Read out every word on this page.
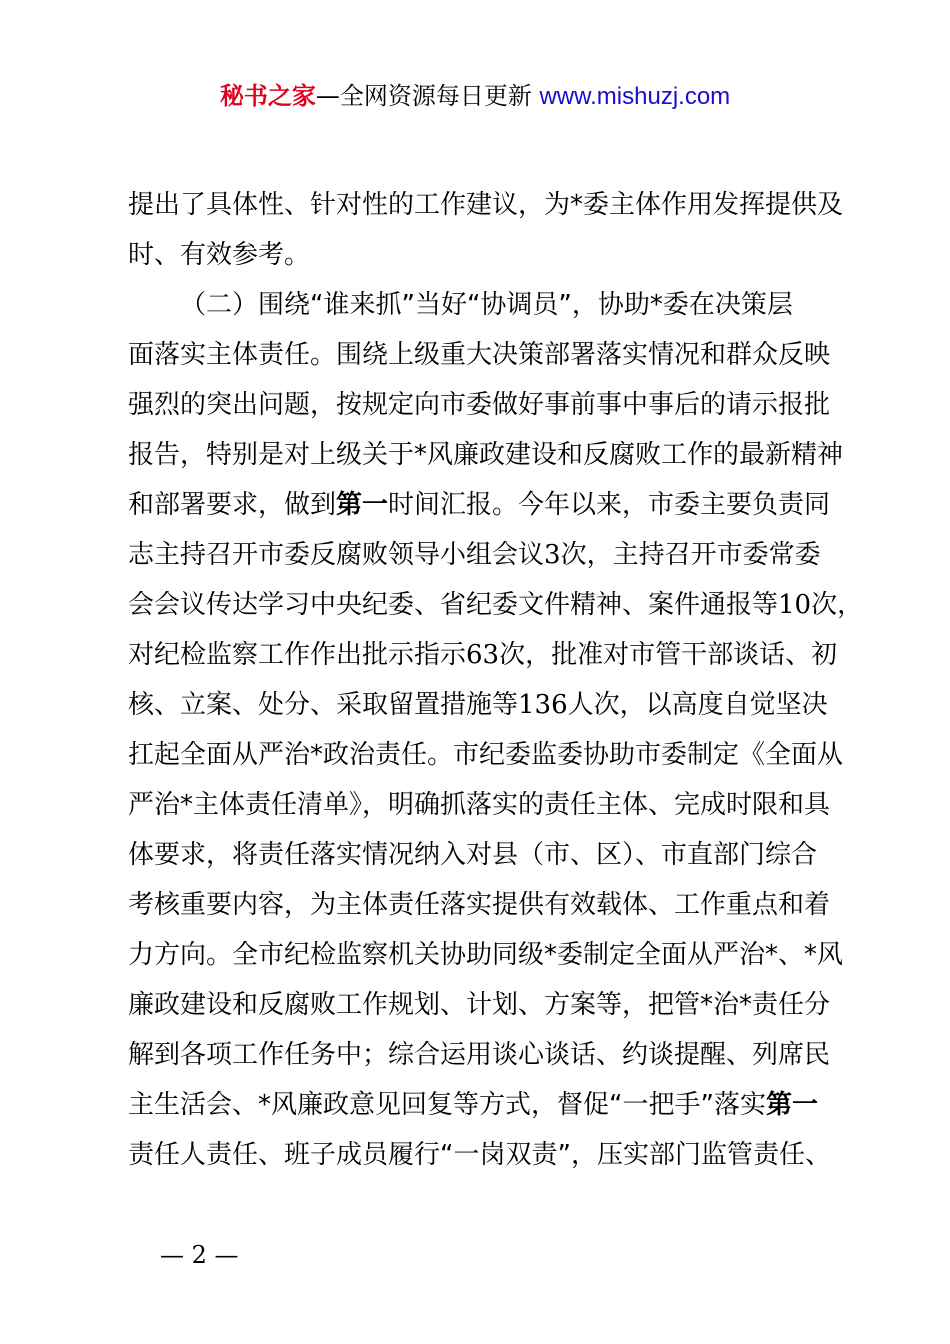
秘书之家—全网资源每日更新 www.mishuzj.com
提出了具体性、针对性的工作建议，为*委主体作用发挥提供及
时、有效参考。
（二）围绕“谁来抓”当好“协调员”，协助*委在决策层
面落实主体责任。围绕上级重大决策部署落实情况和群众反映
强烈的突出问题，按规定向市委做好事前事中事后的请示报批
报告，特别是对上级关于*风廉政建设和反腐败工作的最新精神
和部署要求，做到第一时间汇报。今年以来，市委主要负责同
志主持召开市委反腐败领导小组会议3次，主持召开市委常委
会会议传达学习中央纪委、省纪委文件精神、案件通报等10次，
对纪检监察工作作出批示指示63次，批准对市管干部谈话、初
核、立案、处分、采取留置措施等136人次，以高度自觉坚决
扛起全面从严治*政治责任。市纪委监委协助市委制定《全面从
严治*主体责任清单》，明确抓落实的责任主体、完成时限和具
体要求，将责任落实情况纳入对县（市、区）、市直部门综合
考核重要内容，为主体责任落实提供有效载体、工作重点和着
力方向。全市纪检监察机关协助同级*委制定全面从严治*、*风
廉政建设和反腐败工作规划、计划、方案等，把管*治*责任分
解到各项工作任务中；综合运用谈心谈话、约谈提醒、列席民
主生活会、*风廉政意见回复等方式，督促“一把手”落实第一
责任人责任、班子成员履行“一岗双责”，压实部门监管责任、
— 2 —
